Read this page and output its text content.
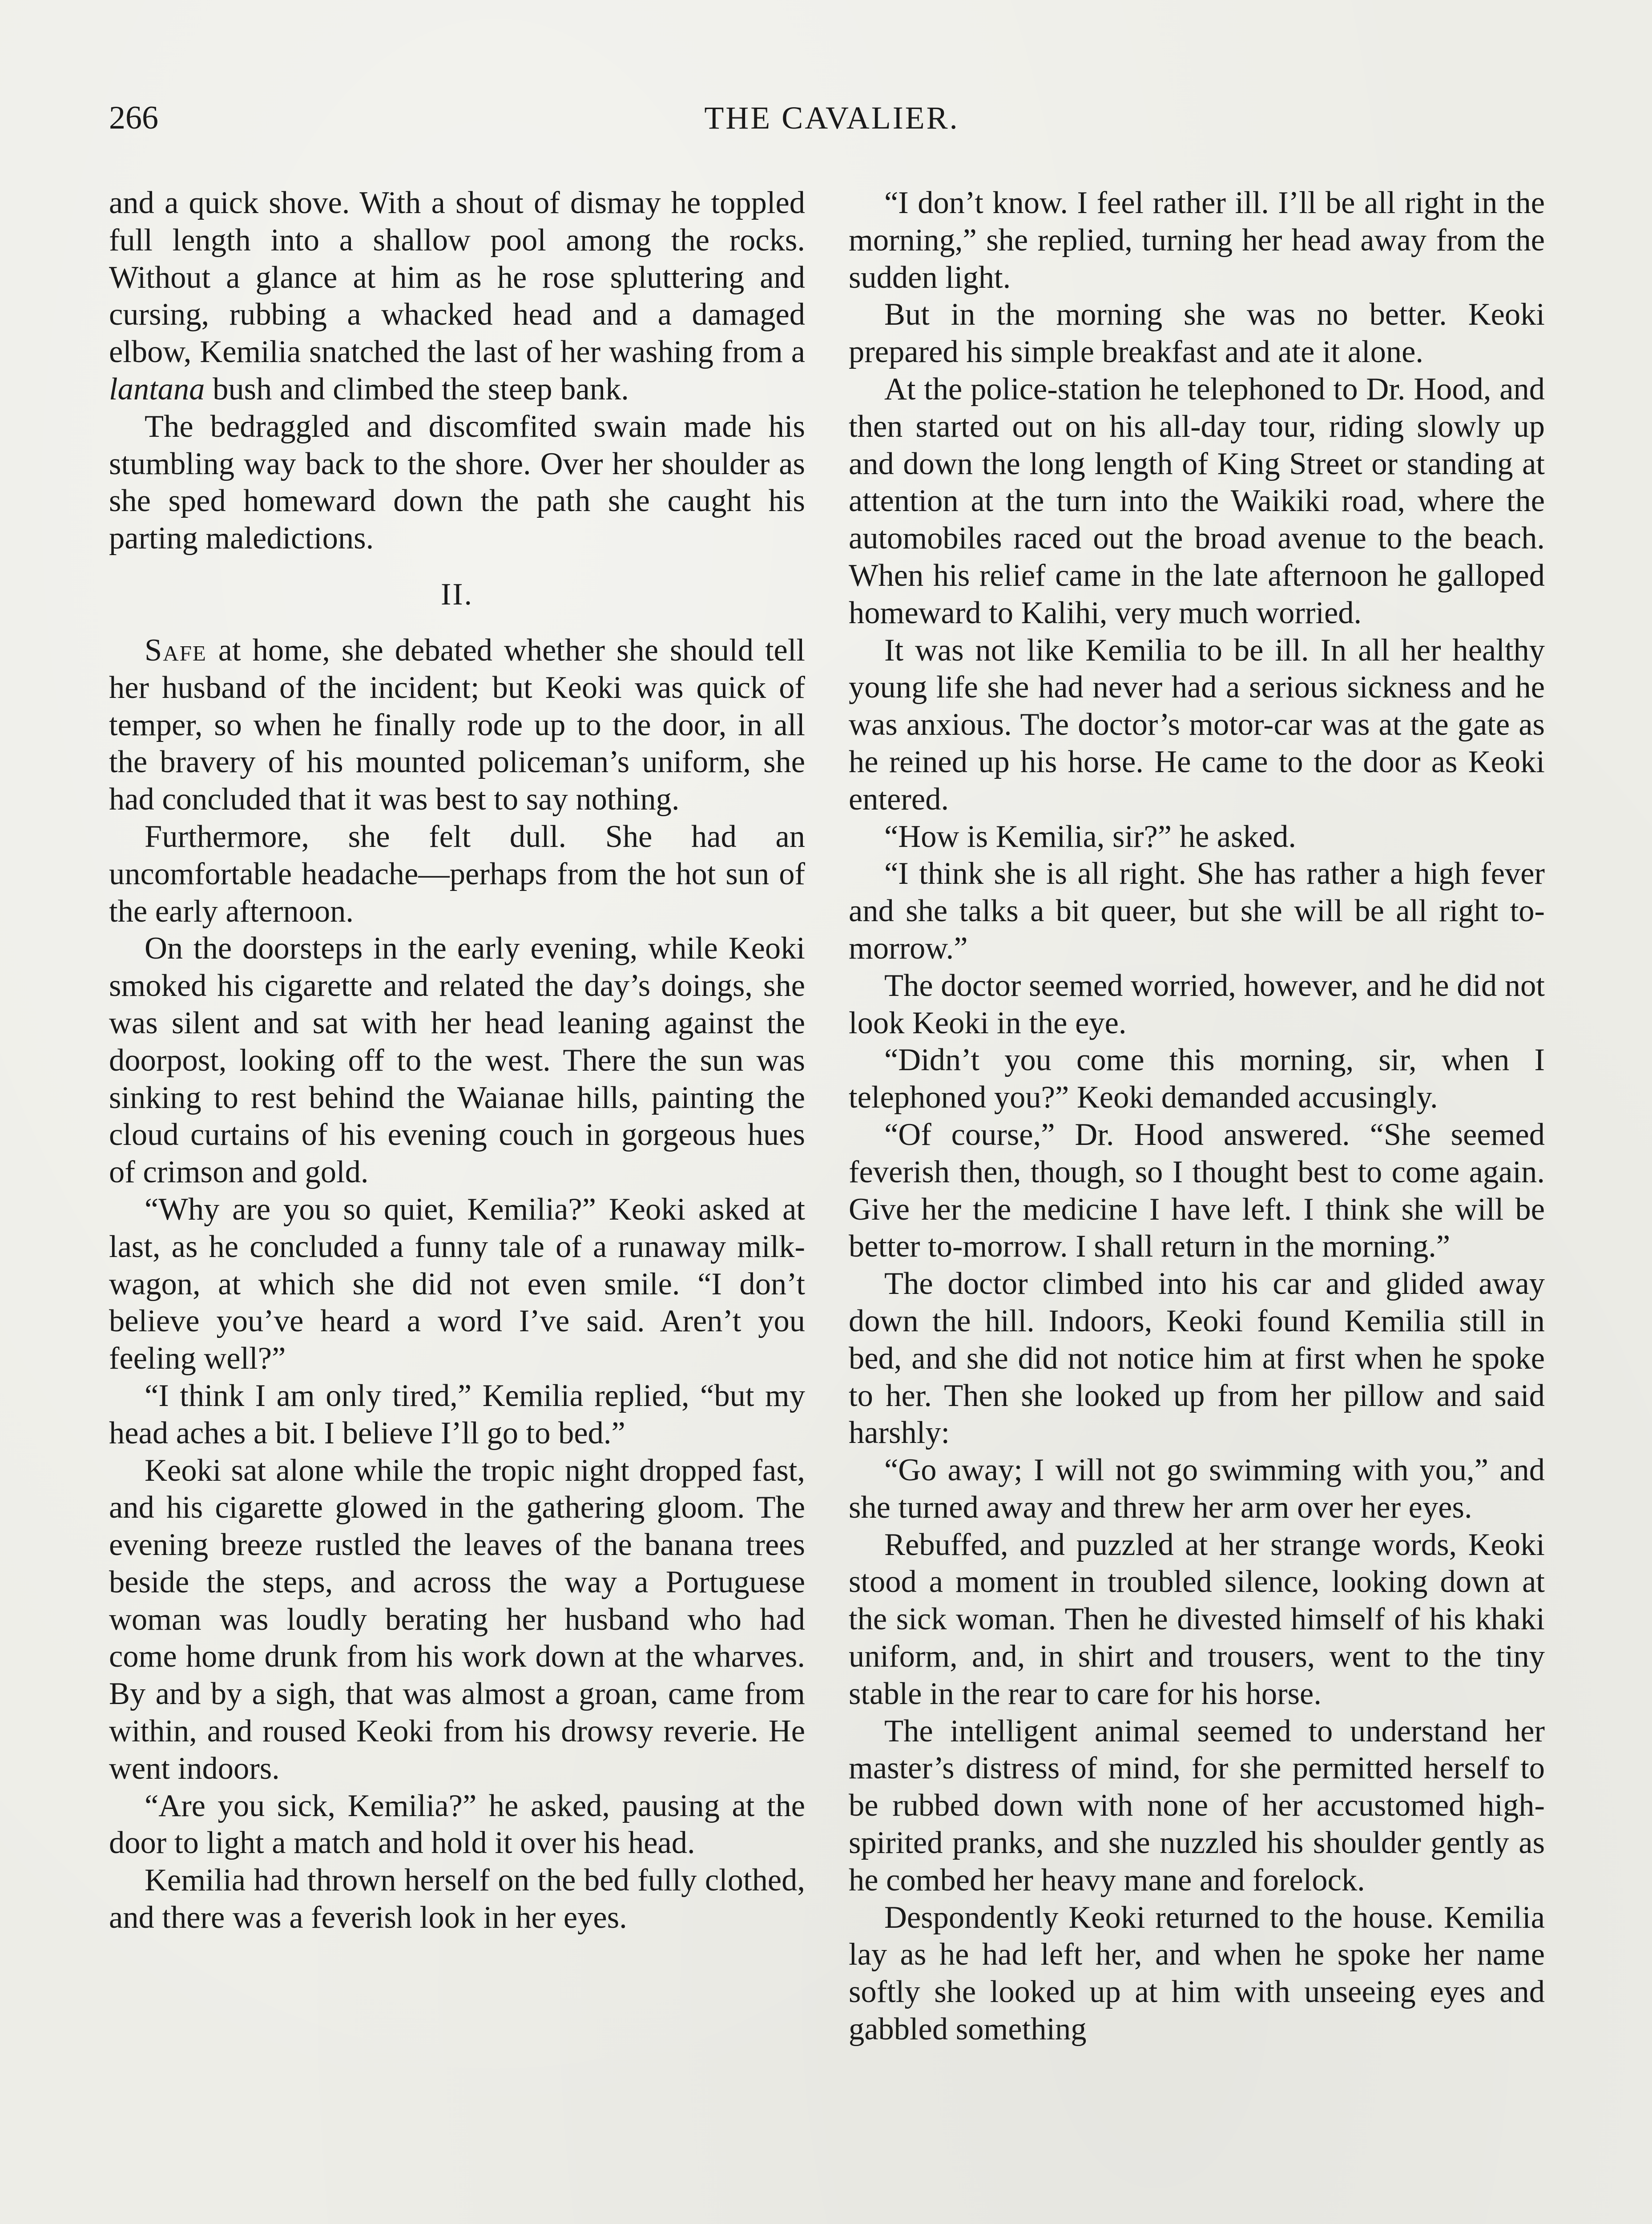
266	THE CAVALIER.

and a quick shove. With a shout of dismay he toppled full length into a shallow pool among the rocks. Without a glance at him as he rose spluttering and cursing, rubbing a whacked head and a damaged elbow, Kemilia snatched the last of her washing from a lantana bush and climbed the steep bank.

The bedraggled and discomfited swain made his stumbling way back to the shore. Over her shoulder as she sped homeward down the path she caught his parting maledictions.

II.

Safe at home, she debated whether she should tell her husband of the incident; but Keoki was quick of temper, so when he finally rode up to the door, in all the bravery of his mounted policeman’s uniform, she had concluded that it was best to say nothing.

Furthermore, she felt dull. She had an uncomfortable headache—perhaps from the hot sun of the early afternoon.

On the doorsteps in the early evening, while Keoki smoked his cigarette and related the day’s doings, she was silent and sat with her head leaning against the doorpost, looking off to the west. There the sun was sinking to rest behind the Waianae hills, painting the cloud curtains of his evening couch in gorgeous hues of crimson and gold.

“Why are you so quiet, Kemilia?” Keoki asked at last, as he concluded a funny tale of a runaway milk-wagon, at which she did not even smile. “I don’t believe you’ve heard a word I’ve said. Aren’t you feeling well?”

“I think I am only tired,” Kemilia replied, “but my head aches a bit. I believe I’ll go to bed.”

Keoki sat alone while the tropic night dropped fast, and his cigarette glowed in the gathering gloom. The evening breeze rustled the leaves of the banana trees beside the steps, and across the way a Portuguese woman was loudly berating her husband who had come home drunk from his work down at the wharves. By and by a sigh, that was almost a groan, came from within, and roused Keoki from his drowsy reverie. He went indoors.

“Are you sick, Kemilia?” he asked, pausing at the door to light a match and hold it over his head.

Kemilia had thrown herself on the bed fully clothed, and there was a feverish look in her eyes.

“I don’t know. I feel rather ill. I’ll be all right in the morning,” she replied, turning her head away from the sudden light.

But in the morning she was no better. Keoki prepared his simple breakfast and ate it alone.

At the police-station he telephoned to Dr. Hood, and then started out on his all-day tour, riding slowly up and down the long length of King Street or standing at attention at the turn into the Waikiki road, where the automobiles raced out the broad avenue to the beach. When his relief came in the late afternoon he galloped homeward to Kalihi, very much worried.

It was not like Kemilia to be ill. In all her healthy young life she had never had a serious sickness and he was anxious. The doctor’s motor-car was at the gate as he reined up his horse. He came to the door as Keoki entered.

“How is Kemilia, sir?” he asked.

“I think she is all right. She has rather a high fever and she talks a bit queer, but she will be all right to-morrow.”

The doctor seemed worried, however, and he did not look Keoki in the eye.

“Didn’t you come this morning, sir, when I telephoned you?” Keoki demanded accusingly.

“Of course,” Dr. Hood answered. “She seemed feverish then, though, so I thought best to come again. Give her the medicine I have left. I think she will be better to-morrow. I shall return in the morning.”

The doctor climbed into his car and glided away down the hill. Indoors, Keoki found Kemilia still in bed, and she did not notice him at first when he spoke to her. Then she looked up from her pillow and said harshly:

“Go away; I will not go swimming with you,” and she turned away and threw her arm over her eyes.

Rebuffed, and puzzled at her strange words, Keoki stood a moment in troubled silence, looking down at the sick woman. Then he divested himself of his khaki uniform, and, in shirt and trousers, went to the tiny stable in the rear to care for his horse.

The intelligent animal seemed to understand her master’s distress of mind, for she permitted herself to be rubbed down with none of her accustomed high-spirited pranks, and she nuzzled his shoulder gently as he combed her heavy mane and forelock.

Despondently Keoki returned to the house. Kemilia lay as he had left her, and when he spoke her name softly she looked up at him with unseeing eyes and gabbled something
